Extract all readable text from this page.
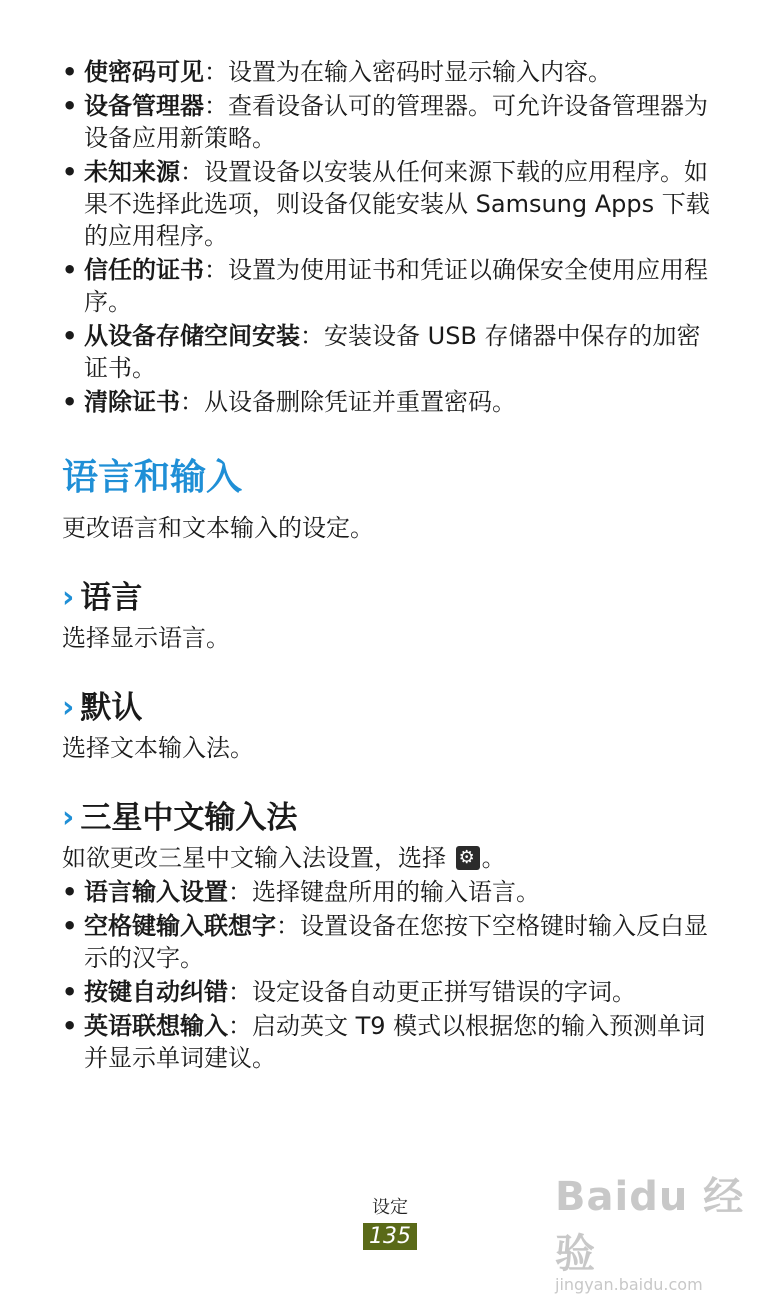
• 使密码可见：设置为在输入密码时显示输入内容。
• 设备管理器：查看设备认可的管理器。可允许设备管理器为设备应用新策略。
• 未知来源：设置设备以安装从任何来源下载的应用程序。如果不选择此选项，则设备仅能安装从 Samsung Apps 下载的应用程序。
• 信任的证书：设置为使用证书和凭证以确保安全使用应用程序。
• 从设备存储空间安装：安装设备 USB 存储器中保存的加密证书。
• 清除证书：从设备删除凭证并重置密码。
语言和输入

更改语言和文本输入的设定。

› 语言

选择显示语言。

› 默认

选择文本输入法。

› 三星中文输入法

如欲更改三星中文输入法设置，选择 ⚙ 。

• 语言输入设置：选择键盘所用的输入语言。
• 空格键输入联想字：设置设备在您按下空格键时输入反白显示的汉字。
• 按键自动纠错：设定设备自动更正拼写错误的字词。
• 英语联想输入：启动英文 T9 模式以根据您的输入预测单词并显示单词建议。
设定
135
Baidu 经验
jingyan.baidu.com
